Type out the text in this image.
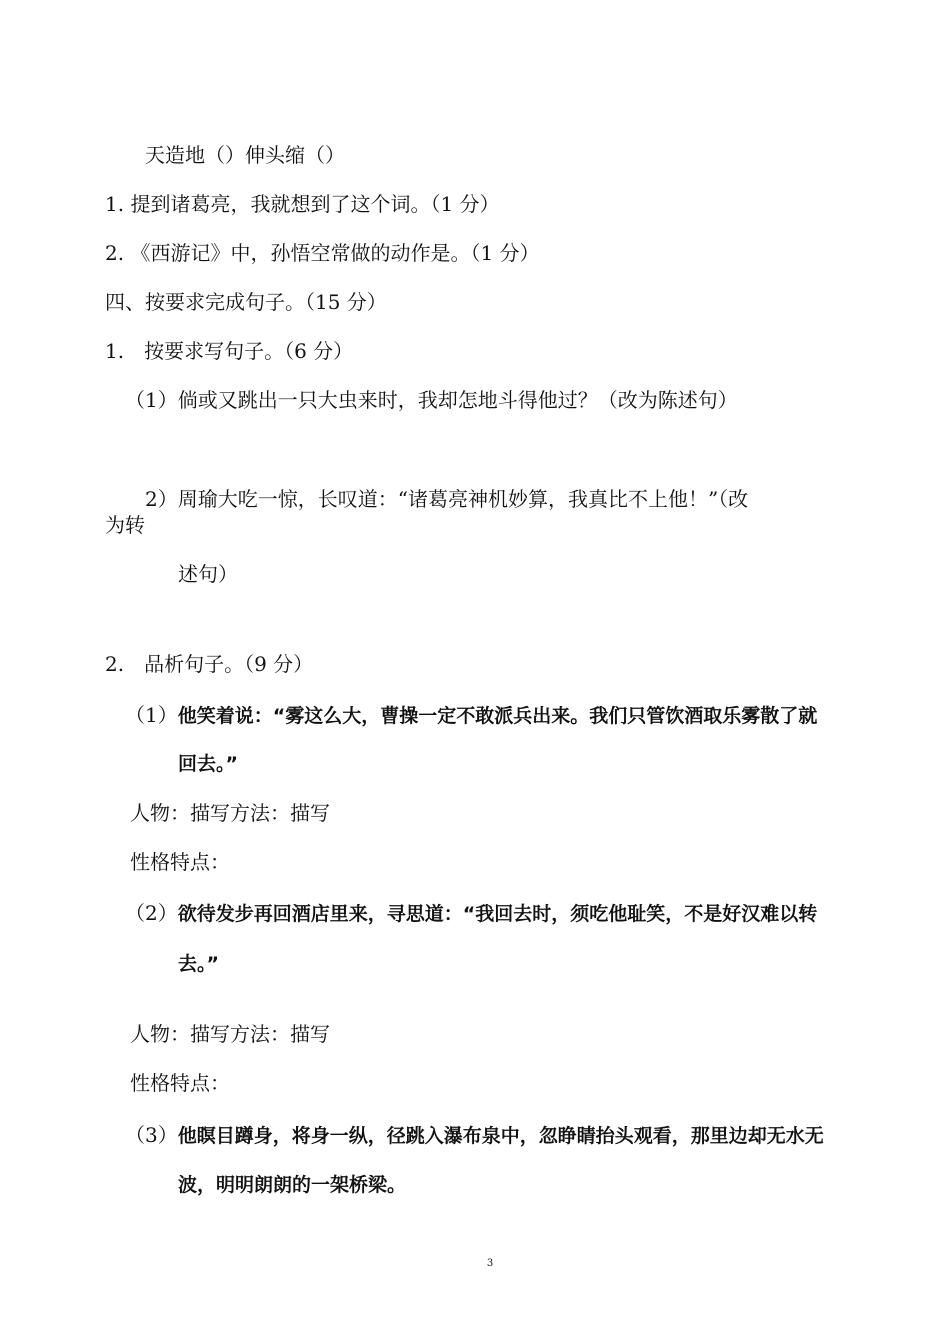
天造地（）伸头缩（）

1. 提到诸葛亮，我就想到了这个词。（1 分）

2. 《西游记》中，孙悟空常做的动作是。（1 分）

四、按要求完成句子。（15 分）

1.　按要求写句子。（6 分）

（1）倘或又跳出一只大虫来时，我却怎地斗得他过？（改为陈述句）

2）周瑜大吃一惊，长叹道：“诸葛亮神机妙算，我真比不上他！”（改

为转

述句）

2.　品析句子。（9 分）

（1）他笑着说：“雾这么大，曹操一定不敢派兵出来。我们只管饮酒取乐雾散了就

回去。”

人物：描写方法：描写

性格特点：

（2）欲待发步再回酒店里来，寻思道：“我回去时，须吃他耻笑，不是好汉难以转

去。”

人物：描写方法：描写

性格特点：

（3）他瞑目蹲身，将身一纵，径跳入瀑布泉中，忽睁睛抬头观看，那里边却无水无

波，明明朗朗的一架桥梁。

3
